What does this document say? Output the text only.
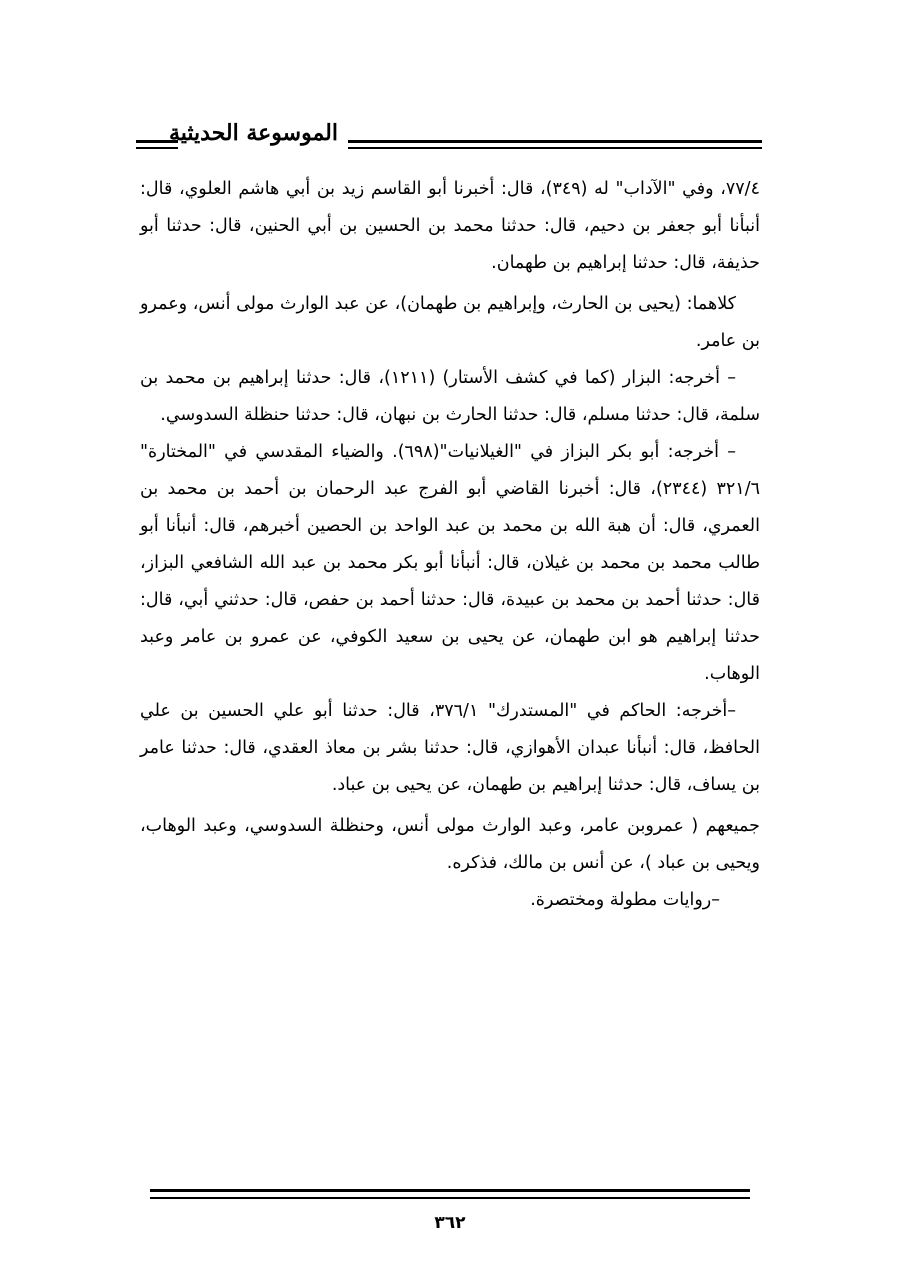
الموسوعة الحديثية

٧٧/٤، وفي "الآداب" له (٣٤٩)، قال: أخبرنا أبو القاسم زيد بن أبي هاشم العلوي، قال: أنبأنا أبو جعفر بن دحيم، قال: حدثنا محمد بن الحسين بن أبي الحنين، قال: حدثنا أبو حذيفة، قال: حدثنا إبراهيم بن طهمان.

كلاهما: (يحيى بن الحارث، وإبراهيم بن طهمان)، عن عبد الوارث مولى أنس، وعمرو بن عامر.

– أخرجه: البزار (كما في كشف الأستار) (١٢١١)، قال: حدثنا إبراهيم بن محمد بن سلمة، قال: حدثنا مسلم، قال: حدثنا الحارث بن نبهان، قال: حدثنا حنظلة السدوسي.

– أخرجه: أبو بكر البزاز في "الغيلانيات"(٦٩٨). والضياء المقدسي في "المختارة" ٣٢١/٦ (٢٣٤٤)، قال: أخبرنا القاضي أبو الفرج عبد الرحمان بن أحمد بن محمد بن العمري، قال: أن هبة الله بن محمد بن عبد الواحد بن الحصين أخبرهم، قال: أنبأنا أبو طالب محمد بن محمد بن غيلان، قال: أنبأنا أبو بكر محمد بن عبد الله الشافعي البزاز، قال: حدثنا أحمد بن محمد بن عبيدة، قال: حدثنا أحمد بن حفص، قال: حدثني أبي، قال: حدثنا إبراهيم هو ابن طهمان، عن يحيى بن سعيد الكوفي، عن عمرو بن عامر وعبد الوهاب.

–أخرجه: الحاكم في "المستدرك" ٣٧٦/١، قال: حدثنا أبو علي الحسين بن علي الحافظ، قال: أنبأنا عبدان الأهوازي، قال: حدثنا بشر بن معاذ العقدي، قال: حدثنا عامر بن يساف، قال: حدثنا إبراهيم بن طهمان، عن يحيى بن عباد.

جميعهم ( عمروبن عامر، وعبد الوارث مولى أنس، وحنظلة السدوسي، وعبد الوهاب، ويحيى بن عباد )، عن أنس بن مالك، فذكره.

–روايات مطولة ومختصرة.

٣٦٢
